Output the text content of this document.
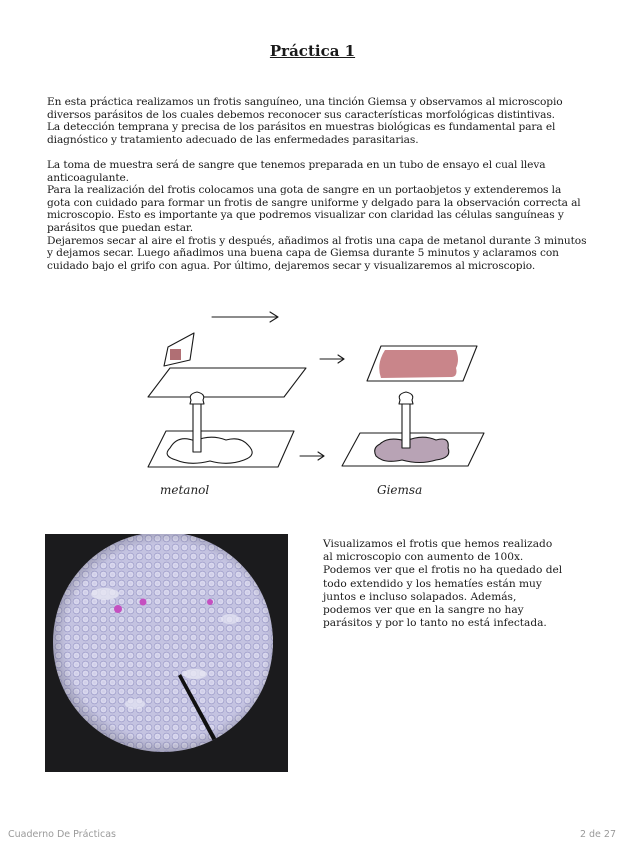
Práctica 1

En esta práctica realizamos un frotis sanguíneo, una tinción Giemsa y observamos al microscopio diversos parásitos de los cuales debemos reconocer sus características morfológicas distintivas.

La detección temprana y precisa de los parásitos en muestras biológicas es fundamental para el diagnóstico y tratamiento adecuado de las enfermedades parasitarias.

La toma de muestra será de sangre que tenemos preparada en un tubo de ensayo el cual lleva anticoagulante.

Para la realización del frotis colocamos una gota de sangre en un portaobjetos y extenderemos la gota con cuidado para formar un frotis de sangre uniforme y delgado para la observación correcta al microscopio. Esto es importante ya que podremos visualizar con claridad las células sanguíneas y parásitos que puedan estar.

Dejaremos secar al aire el frotis y después, añadimos al frotis una capa de metanol durante 3 minutos y dejamos secar. Luego añadimos una buena capa de Giemsa durante 5 minutos y aclaramos con cuidado bajo el grifo con agua. Por último, dejaremos secar y visualizaremos al microscopio.

metanol	Giemsa
Visualizamos el frotis que hemos realizado al microscopio con aumento de 100x. Podemos ver que el frotis no ha quedado del todo extendido y los hematíes están muy juntos e incluso solapados. Además, podemos ver que en la sangre no hay parásitos y por lo tanto no está infectada.
Cuaderno De Prácticas	2 de 27
